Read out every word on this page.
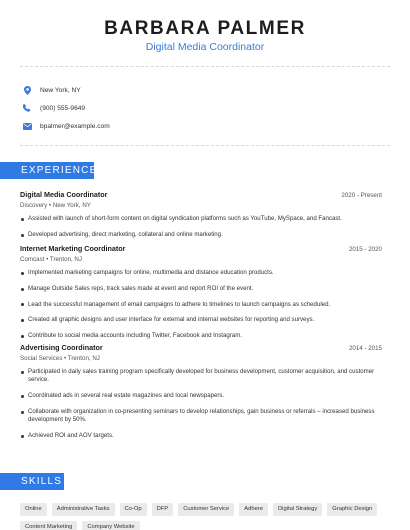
BARBARA PALMER
Digital Media Coordinator
New York, NY
(900) 555-9649
bpalmer@example.com
EXPERIENCE
Digital Media Coordinator	2020 - Present
Discovery • New York, NY
Assisted with launch of short-form content on digital syndication platforms such as YouTube, MySpace, and Fancast.
Developed advertising, direct marketing, collateral and online marketing.
Internet Marketing Coordinator	2015 - 2020
Comcast • Trenton, NJ
Implemented marketing campaigns for online, multimedia and distance education products.
Manage Outside Sales reps, track sales made at event and report ROI of the event.
Lead the successful management of email campaigns to adhere to timelines to launch campaigns as scheduled.
Created all graphic designs and user interface for external and internal websites for reporting and surveys.
Contribute to social media accounts including Twitter, Facebook and Instagram.
Advertising Coordinator	2014 - 2015
Social Services • Trenton, NJ
Participated in daily sales training program specifically developed for business development, customer acquisition, and customer service.
Coordinated ads in several real estate magazines and local newspapers.
Collaborate with organization in co-presenting seminars to develop relationships, gain business or referrals – increased business development by 50%.
Achieved ROI and AOV targets.
SKILLS
Online	Administrative Tasks	Co-Op	DFP	Customer Service	Adhere	Digital Strategy	Graphic Design
Content Marketing	Company Website
